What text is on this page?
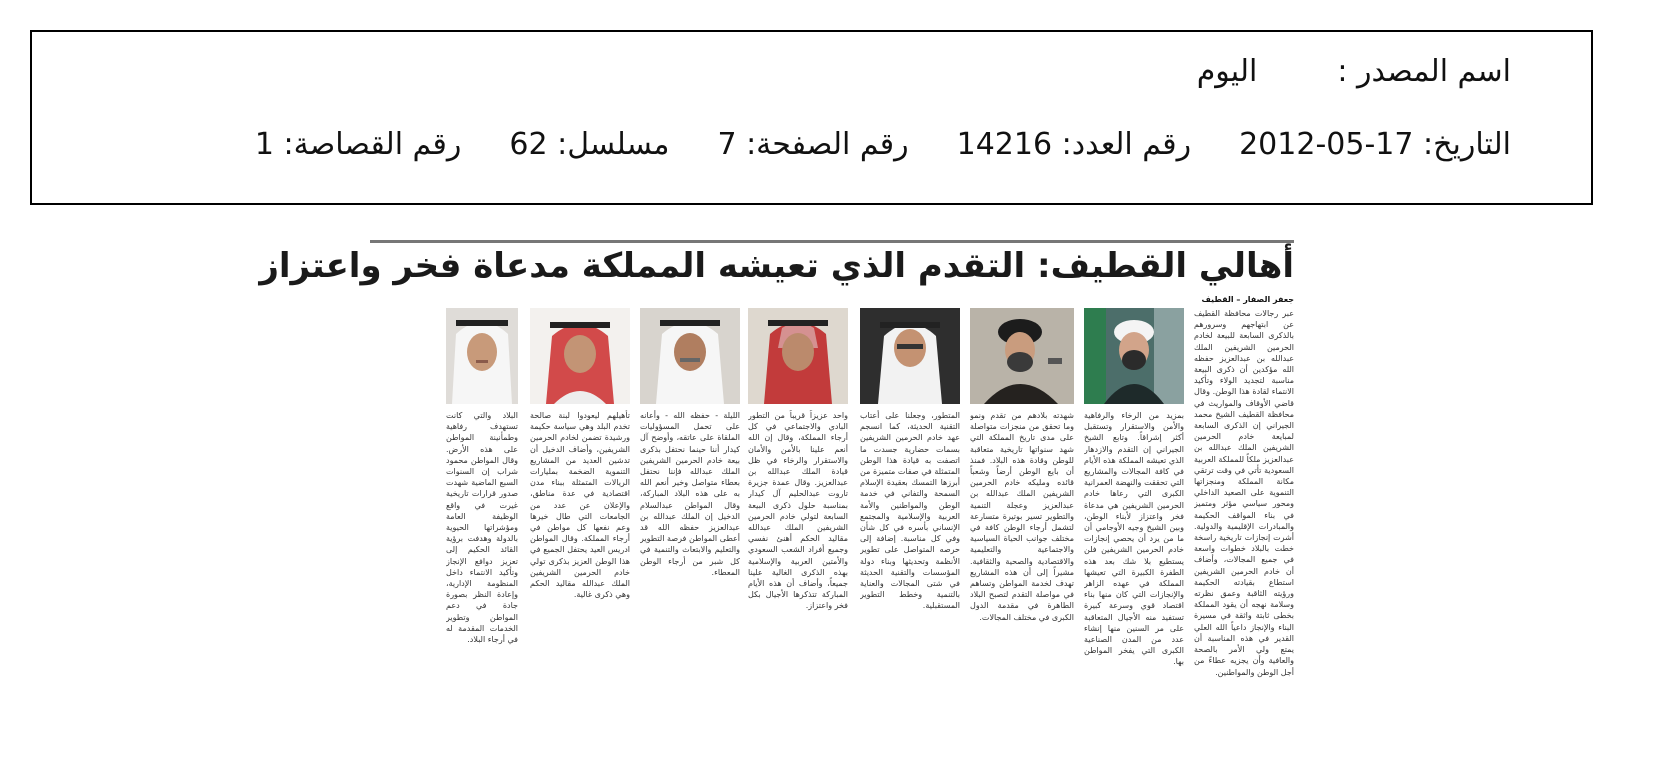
اسم المصدر :اليوم
التاريخ: 17-05-2012رقم العدد: 14216رقم الصفحة: 7مسلسل: 62رقم القصاصة: 1
أهالي القطيف: التقدم الذي تعيشه المملكة مدعاة فخر واعتزاز
جعفر الصفار – القطيف
عبر رجالات محافظة القطيف عن ابتهاجهم وسرورهم بالذكرى السابعة للبيعة لخادم الحرمين الشريفين الملك عبدالله بن عبدالعزيز حفظه الله مؤكدين أن ذكرى البيعة مناسبة لتجديد الولاء وتأكيد الانتماء لقادة هذا الوطن. وقال قاضي الأوقاف والمواريث في محافظة القطيف الشيخ محمد الجيراني إن الذكرى السابعة لمبايعة خادم الحرمين الشريفين الملك عبدالله بن عبدالعزيز ملكاً للمملكة العربية السعودية تأتي في وقت ترتقي مكانة المملكة ومنجزاتها التنموية على الصعيد الداخلي ومحور سياسي مؤثر ومتميز في بناء المواقف الحكيمة والمبادرات الإقليمية والدولية. أشرت إنجازات تاريخية راسخة خطت بالبلاد خطوات واسعة في جميع المجالات، وأضاف أن خادم الحرمين الشريفين استطاع بقيادته الحكيمة ورؤيته الثاقبة وعمق نظرته وسلامة نهجه أن يقود المملكة بخطى ثابتة واثقة في مسيرة البناء والإنجاز داعياً الله العلي القدير في هذه المناسبة أن يمتع ولي الأمر بالصحة والعافية وأن يجزيه عطاءً من أجل الوطن والمواطنين.
بمزيد من الرخاء والرفاهية والأمن والاستقرار وتستقبل أكثر إشراقاً. وتابع الشيخ الجيراني إن التقدم والازدهار الذي تعيشه المملكة هذه الأيام في كافة المجالات والمشاريع التي تحققت والنهضة العمرانية الكبرى التي رعاها خادم الحرمين الشريفين هي مدعاة فخر واعتزاز لأبناء الوطن، وبين الشيخ وجيه الأوجامي أن ما من يرد أن يحصي إنجازات خادم الحرمين الشريفين فلن يستطيع بلا شك بعد هذه الطفرة الكبيرة التي تعيشها المملكة في عهده الزاهر والإنجازات التي كان منها بناء اقتصاد قوي وسرعة كبيرة تستفيد منه الأجيال المتعاقبة على مر السنين منها إنشاء عدد من المدن الصناعية الكبرى التي يفخر المواطن بها.
شهدته بلادهم من تقدم ونمو وما تحقق من منجزات متواصلة على مدى تاريخ المملكة التي شهد سنواتها تاريخية متعاقبة للوطن وقادة هذه البلاد. فمنذ أن بايع الوطن أرضاً وشعباً قائده ومليكه خادم الحرمين الشريفين الملك عبدالله بن عبدالعزيز وعجلة التنمية والتطوير تسير بوتيرة متسارعة لتشمل أرجاء الوطن كافة في مختلف جوانب الحياة السياسية والاجتماعية والتعليمية والاقتصادية والصحية والثقافية. مشيراً إلى أن هذه المشاريع تهدف لخدمة المواطن وتساهم في مواصلة التقدم لتصبح البلاد الطاهرة في مقدمة الدول الكبرى في مختلف المجالات.
المتطور، وجعلنا على أعتاب التقنية الحديثة، كما انسجم عهد خادم الحرمين الشريفين بسمات حضارية جسدت ما اتصفت به قيادة هذا الوطن المتمثلة في صفات متميزة من أبرزها التمسك بعقيدة الإسلام السمحة والتفاني في خدمة الوطن والمواطنين والأمة العربية والإسلامية والمجتمع الإنساني بأسره في كل شأن وفي كل مناسبة. إضافة إلى حرصه المتواصل على تطوير الأنظمة وتحديثها وبناء دولة المؤسسات والتقنية الحديثة في شتى المجالات والعناية بالتنمية وخطط التطوير المستقبلية.
واحد عزيزاً قريباً من التطور البادي والاجتماعي في كل أرجاء المملكة، وقال إن الله أنعم علينا بالأمن والأمان والاستقرار والرخاء في ظل قيادة الملك عبدالله بن عبدالعزيز. وقال عمدة جزيرة تاروت عبدالحليم آل كيدار بمناسبة حلول ذكرى البيعة السابعة لتولي خادم الحرمين الشريفين الملك عبدالله مقاليد الحكم أهنئ نفسي وجميع أفراد الشعب السعودي والأمتين العربية والإسلامية بهذه الذكرى الغالية علينا جميعاً، وأضاف أن هذه الأيام المباركة تتذكرها الأجيال بكل فخر واعتزاز.
الليلة - حفظه الله - وأعانه على تحمل المسؤوليات الملقاة على عاتقه، وأوضح آل كيدار أننا حينما نحتفل بذكرى بيعة خادم الحرمين الشريفين الملك عبدالله فإننا نحتفل بعطاء متواصل وخير أنعم الله به على هذه البلاد المباركة، وقال المواطن عبدالسلام الدخيل إن الملك عبدالله بن عبدالعزيز حفظه الله قد أعطى المواطن فرصة التطوير والتعليم والابتعاث والتنمية في كل شبر من أرجاء الوطن المعطاء.
تأهيلهم ليعودوا لبنة صالحة تخدم البلد وهي سياسة حكيمة ورشيدة تضمن لخادم الحرمين الشريفين، وأضاف الدخيل أن تدشين العديد من المشاريع التنموية الضخمة بمليارات الريالات المتمثلة ببناء مدن اقتصادية في عدة مناطق، والإعلان عن عدد من الجامعات التي طال خيرها وعم نفعها كل مواطن في أرجاء المملكة. وقال المواطن ادريس العيد يحتفل الجميع في هذا الوطن العزيز بذكرى تولي خادم الحرمين الشريفين الملك عبدالله مقاليد الحكم وهي ذكرى غالية.
البلاد والتي كانت تستهدف رفاهية وطمأنينة المواطن على هذه الأرض. وقال المواطن محمود شراب إن السنوات السبع الماضية شهدت صدور قرارات تاريخية غيرت في واقع الوظيفة العامة ومؤشراتها الحيوية بالدولة وهدفت برؤية القائد الحكيم إلى تعزيز دوافع الإنجاز وتأكيد الانتماء داخل المنظومة الإدارية، وإعادة النظر بصورة جادة في دعم المواطن وتطوير الخدمات المقدمة له في أرجاء البلاد.
